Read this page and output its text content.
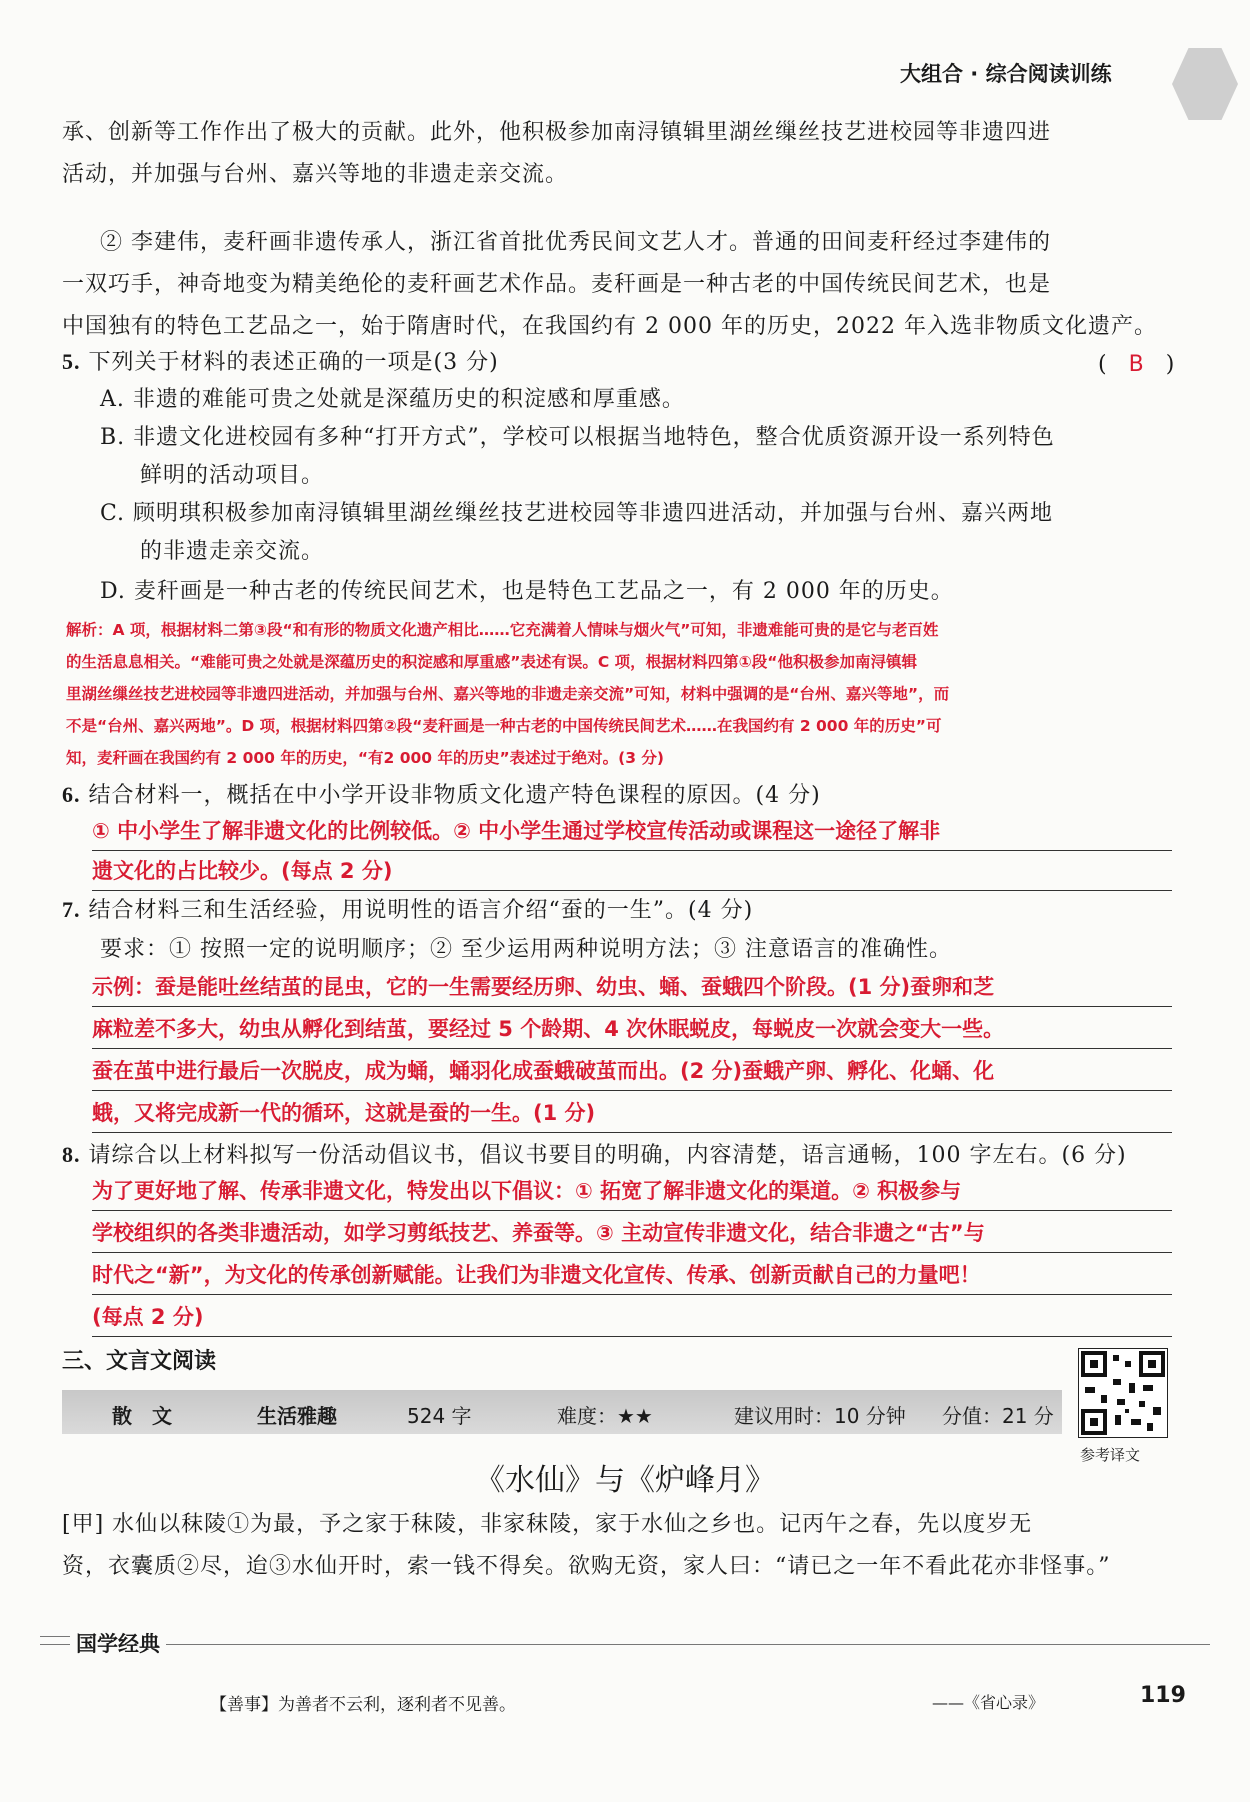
大组合 · 综合阅读训练
承、创新等工作作出了极大的贡献。此外，他积极参加南浔镇辑里湖丝缫丝技艺进校园等非遗四进
活动，并加强与台州、嘉兴等地的非遗走亲交流。
② 李建伟，麦秆画非遗传承人，浙江省首批优秀民间文艺人才。普通的田间麦秆经过李建伟的
一双巧手，神奇地变为精美绝伦的麦秆画艺术作品。麦秆画是一种古老的中国传统民间艺术，也是
中国独有的特色工艺品之一，始于隋唐时代，在我国约有 2 000 年的历史，2022 年入选非物质文化遗产。
5. 下列关于材料的表述正确的一项是(3 分)	(　B　)
A. 非遗的难能可贵之处就是深蕴历史的积淀感和厚重感。
B. 非遗文化进校园有多种“打开方式”，学校可以根据当地特色，整合优质资源开设一系列特色
鲜明的活动项目。
C. 顾明琪积极参加南浔镇辑里湖丝缫丝技艺进校园等非遗四进活动，并加强与台州、嘉兴两地
的非遗走亲交流。
D. 麦秆画是一种古老的传统民间艺术，也是特色工艺品之一，有 2 000 年的历史。
解析：A 项，根据材料二第③段“和有形的物质文化遗产相比……它充满着人情味与烟火气”可知，非遗难能可贵的是它与老百姓
的生活息息相关。“难能可贵之处就是深蕴历史的积淀感和厚重感”表述有误。C 项，根据材料四第①段“他积极参加南浔镇辑
里湖丝缫丝技艺进校园等非遗四进活动，并加强与台州、嘉兴等地的非遗走亲交流”可知，材料中强调的是“台州、嘉兴等地”，而
不是“台州、嘉兴两地”。D 项，根据材料四第②段“麦秆画是一种古老的中国传统民间艺术……在我国约有 2 000 年的历史”可
知，麦秆画在我国约有 2 000 年的历史，“有2 000 年的历史”表述过于绝对。(3 分)
6. 结合材料一，概括在中小学开设非物质文化遗产特色课程的原因。(4 分)
① 中小学生了解非遗文化的比例较低。② 中小学生通过学校宣传活动或课程这一途径了解非
遗文化的占比较少。(每点 2 分)
7. 结合材料三和生活经验，用说明性的语言介绍“蚕的一生”。(4 分)
要求：① 按照一定的说明顺序；② 至少运用两种说明方法；③ 注意语言的准确性。
示例：蚕是能吐丝结茧的昆虫，它的一生需要经历卵、幼虫、蛹、蚕蛾四个阶段。(1 分)蚕卵和芝
麻粒差不多大，幼虫从孵化到结茧，要经过 5 个龄期、4 次休眠蜕皮，每蜕皮一次就会变大一些。
蚕在茧中进行最后一次脱皮，成为蛹，蛹羽化成蚕蛾破茧而出。(2 分)蚕蛾产卵、孵化、化蛹、化
蛾，又将完成新一代的循环，这就是蚕的一生。(1 分)
8. 请综合以上材料拟写一份活动倡议书，倡议书要目的明确，内容清楚，语言通畅，100 字左右。(6 分)
为了更好地了解、传承非遗文化，特发出以下倡议：① 拓宽了解非遗文化的渠道。② 积极参与
学校组织的各类非遗活动，如学习剪纸技艺、养蚕等。③ 主动宣传非遗文化，结合非遗之“古”与
时代之“新”，为文化的传承创新赋能。让我们为非遗文化宣传、传承、创新贡献自己的力量吧！
(每点 2 分)
三、文言文阅读
散　文	生活雅趣	524 字	难度：★★	建议用时：10 分钟 分值：21 分
参考译文
《水仙》与《炉峰月》
[甲] 水仙以秣陵①为最，予之家于秣陵，非家秣陵，家于水仙之乡也。记丙午之春，先以度岁无
资，衣囊质②尽，迨③水仙开时，索一钱不得矣。欲购无资，家人曰：“请已之一年不看此花亦非怪事。”
国学经典
【善事】为善者不云利，逐利者不见善。	——《省心录》	119
